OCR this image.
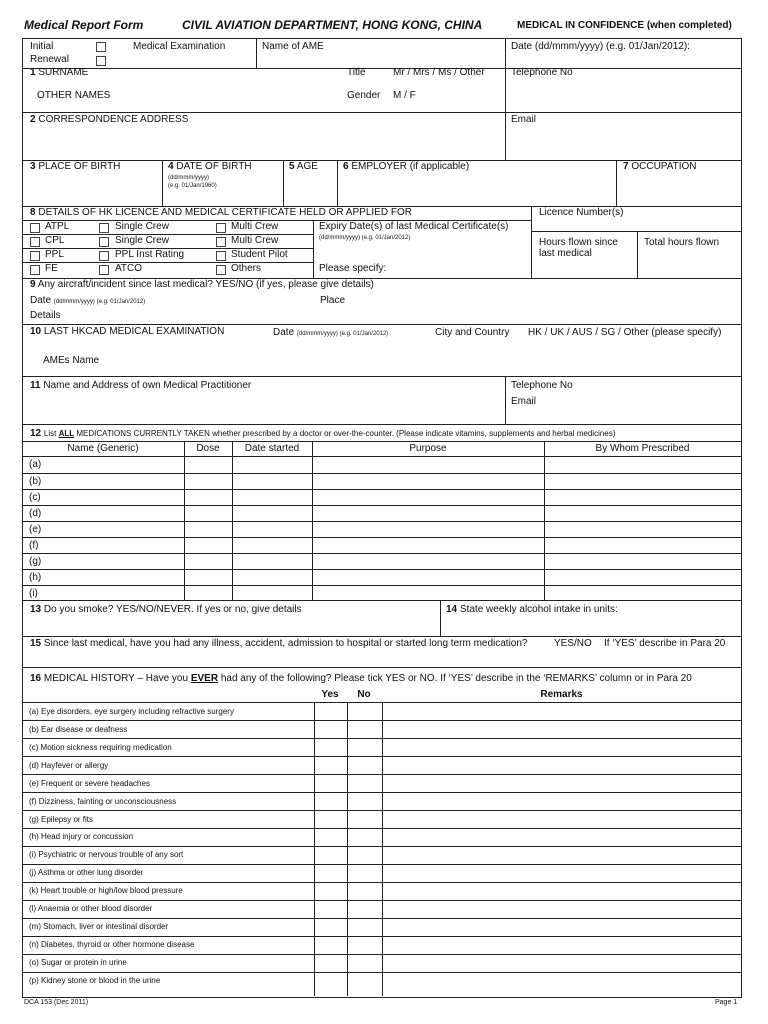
Medical Report Form	CIVIL AVIATION DEPARTMENT, HONG KONG, CHINA	MEDICAL IN CONFIDENCE (when completed)
Initial	Medical Examination
Renewal
Name of AME	Date (dd/mmm/yyyy) (e.g. 01/Jan/2012):
1 SURNAME	Title	Mr / Mrs / Ms / Other	Telephone No
OTHER NAMES	Gender M / F
2 CORRESPONDENCE ADDRESS	Email
3 PLACE OF BIRTH	4 DATE OF BIRTH
(dd/mmm/yyyy)
(e.g. 01/Jan/1960)
5 AGE	6 EMPLOYER (if applicable)	7 OCCUPATION
8 DETAILS OF HK LICENCE AND MEDICAL CERTIFICATE HELD OR APPLIED FOR	Licence Number(s)
ATPL	Single Crew	Multi Crew
CPL	Single Crew	Multi Crew
PPL	PPL Inst Rating	Student Pilot
FE	ATCO	Others
Expiry Date(s) of last Medical Certificate(s)
(dd/mmm/yyyy) (e.g. 01/Jan/2012)
Please specify:
Hours flown since
last medical
Total hours flown
9 Any aircraft/incident since last medical? YES/NO (if yes, please give details)
Date (dd/mmm/yyyy) (e.g. 01/Jan/2012)	Place
Details
10 LAST HKCAD MEDICAL EXAMINATION	Date (dd/mmm/yyyy) (e.g. 01/Jan/2012)	City and Country HK / UK / AUS / SG / Other (please specify)
AMEs Name
11 Name and Address of own Medical Practitioner	Telephone No
Email
12 List ALL MEDICATIONS CURRENTLY TAKEN whether prescribed by a doctor or over-the-counter. (Please indicate vitamins, supplements and herbal medicines)
Name (Generic)	Dose	Date started	Purpose	By Whom Prescribed
(a)
(b)
(c)
(d)
(e)
(f)
(g)
(h)
(i)
13 Do you smoke? YES/NO/NEVER. If yes or no, give details	14 State weekly alcohol intake in units:
15 Since last medical, have you had any illness, accident, admission to hospital or started long term medication?	YES/NO If ‘YES’ describe in Para 20
16 MEDICAL HISTORY – Have you EVER had any of the following? Please tick YES or NO. If ‘YES’ describe in the ‘REMARKS’ column or in Para 20
Yes	No	Remarks
(a) Eye disorders, eye surgery including refractive surgery
(b) Ear disease or deafness
(c) Motion sickness requiring medication
(d) Hayfever or allergy
(e) Frequent or severe headaches
(f) Dizziness, fainting or unconsciousness
(g) Epilepsy or fits
(h) Head injury or concussion
(i) Psychiatric or nervous trouble of any sort
(j) Asthma or other lung disorder
(k) Heart trouble or high/low blood pressure
(l) Anaemia or other blood disorder
(m) Stomach, liver or intestinal disorder
(n) Diabetes, thyroid or other hormone disease
(o) Sugar or protein in urine
(p) Kidney stone or blood in the urine
DCA 153 (Dec 2011)	Page 1
